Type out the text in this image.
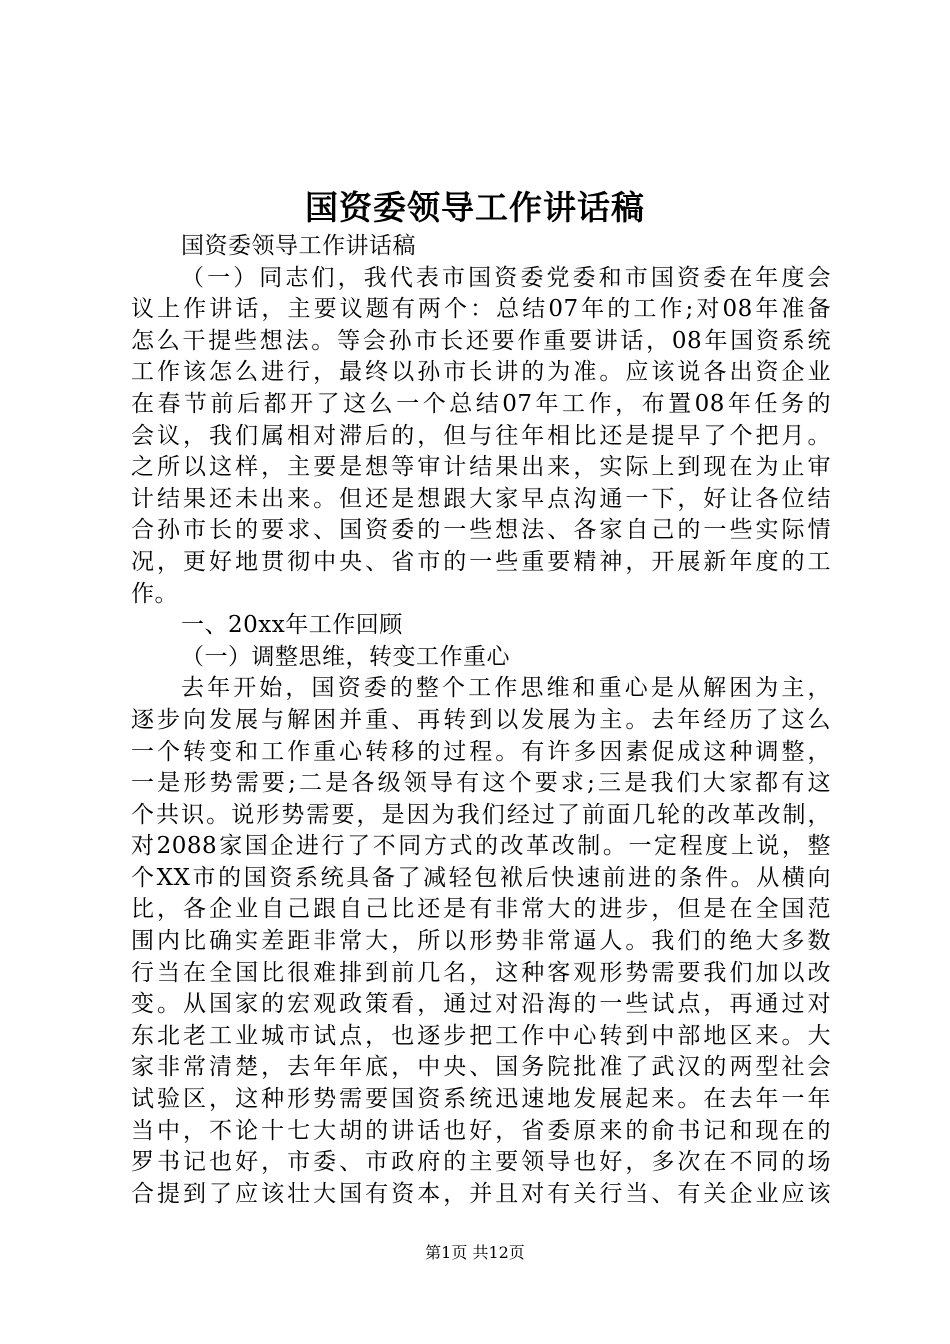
国资委领导工作讲话稿
国资委领导工作讲话稿
（一）同志们，我代表市国资委党委和市国资委在年度会
议上作讲话，主要议题有两个：总结07年的工作;对08年准备
怎么干提些想法。等会孙市长还要作重要讲话，08年国资系统
工作该怎么进行，最终以孙市长讲的为准。应该说各出资企业
在春节前后都开了这么一个总结07年工作，布置08年任务的
会议，我们属相对滞后的，但与往年相比还是提早了个把月。
之所以这样，主要是想等审计结果出来，实际上到现在为止审
计结果还未出来。但还是想跟大家早点沟通一下，好让各位结
合孙市长的要求、国资委的一些想法、各家自己的一些实际情
况，更好地贯彻中央、省市的一些重要精神，开展新年度的工
作。
一、20xx年工作回顾
（一）调整思维，转变工作重心
去年开始，国资委的整个工作思维和重心是从解困为主，
逐步向发展与解困并重、再转到以发展为主。去年经历了这么
一个转变和工作重心转移的过程。有许多因素促成这种调整，
一是形势需要;二是各级领导有这个要求;三是我们大家都有这
个共识。说形势需要，是因为我们经过了前面几轮的改革改制，
对2088家国企进行了不同方式的改革改制。一定程度上说，整
个XX市的国资系统具备了减轻包袱后快速前进的条件。从横向
比，各企业自己跟自己比还是有非常大的进步，但是在全国范
围内比确实差距非常大，所以形势非常逼人。我们的绝大多数
行当在全国比很难排到前几名，这种客观形势需要我们加以改
变。从国家的宏观政策看，通过对沿海的一些试点，再通过对
东北老工业城市试点，也逐步把工作中心转到中部地区来。大
家非常清楚，去年年底，中央、国务院批准了武汉的两型社会
试验区，这种形势需要国资系统迅速地发展起来。在去年一年
当中，不论十七大胡的讲话也好，省委原来的俞书记和现在的
罗书记也好，市委、市政府的主要领导也好，多次在不同的场
合提到了应该壮大国有资本，并且对有关行当、有关企业应该
第1页 共12页
